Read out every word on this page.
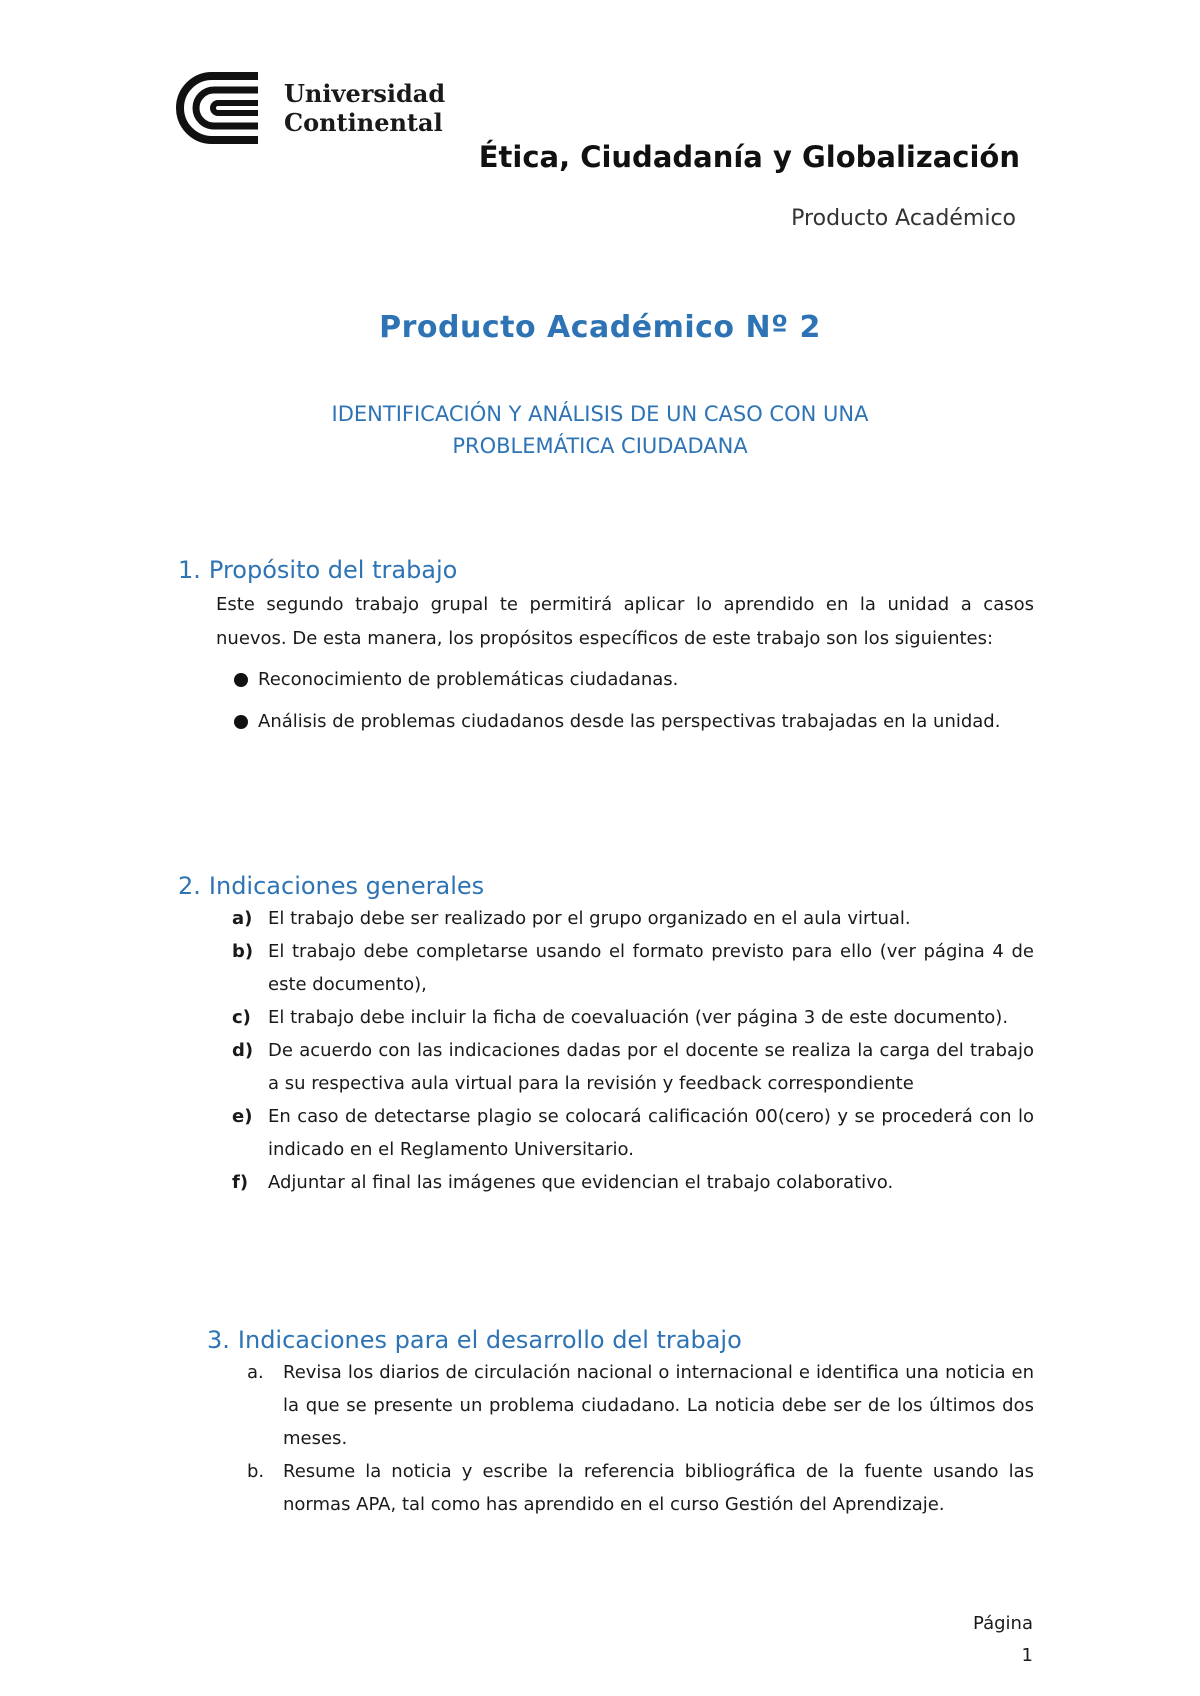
Universidad
Continental
Ética, Ciudadanía y Globalización
Producto Académico
Producto Académico Nº 2
IDENTIFICACIÓN Y ANÁLISIS DE UN CASO CON UNA
PROBLEMÁTICA CIUDADANA
1. Propósito del trabajo
Este segundo trabajo grupal te permitirá aplicar lo aprendido en la unidad a casos nuevos. De esta manera, los propósitos específicos de este trabajo son los siguientes:
Reconocimiento de problemáticas ciudadanas.
Análisis de problemas ciudadanos desde las perspectivas trabajadas en la unidad.
2. Indicaciones generales
a) El trabajo debe ser realizado por el grupo organizado en el aula virtual.
b) El trabajo debe completarse usando el formato previsto para ello (ver página 4 de este documento),
c) El trabajo debe incluir la ficha de coevaluación (ver página 3 de este documento).
d) De acuerdo con las indicaciones dadas por el docente se realiza la carga del trabajo a su respectiva aula virtual para la revisión y feedback correspondiente
e) En caso de detectarse plagio se colocará calificación 00(cero) y se procederá con lo indicado en el Reglamento Universitario.
f) Adjuntar al final las imágenes que evidencian el trabajo colaborativo.
3. Indicaciones para el desarrollo del trabajo
a. Revisa los diarios de circulación nacional o internacional e identifica una noticia en la que se presente un problema ciudadano. La noticia debe ser de los últimos dos meses.
b. Resume la noticia y escribe la referencia bibliográfica de la fuente usando las normas APA, tal como has aprendido en el curso Gestión del Aprendizaje.
Página
1
